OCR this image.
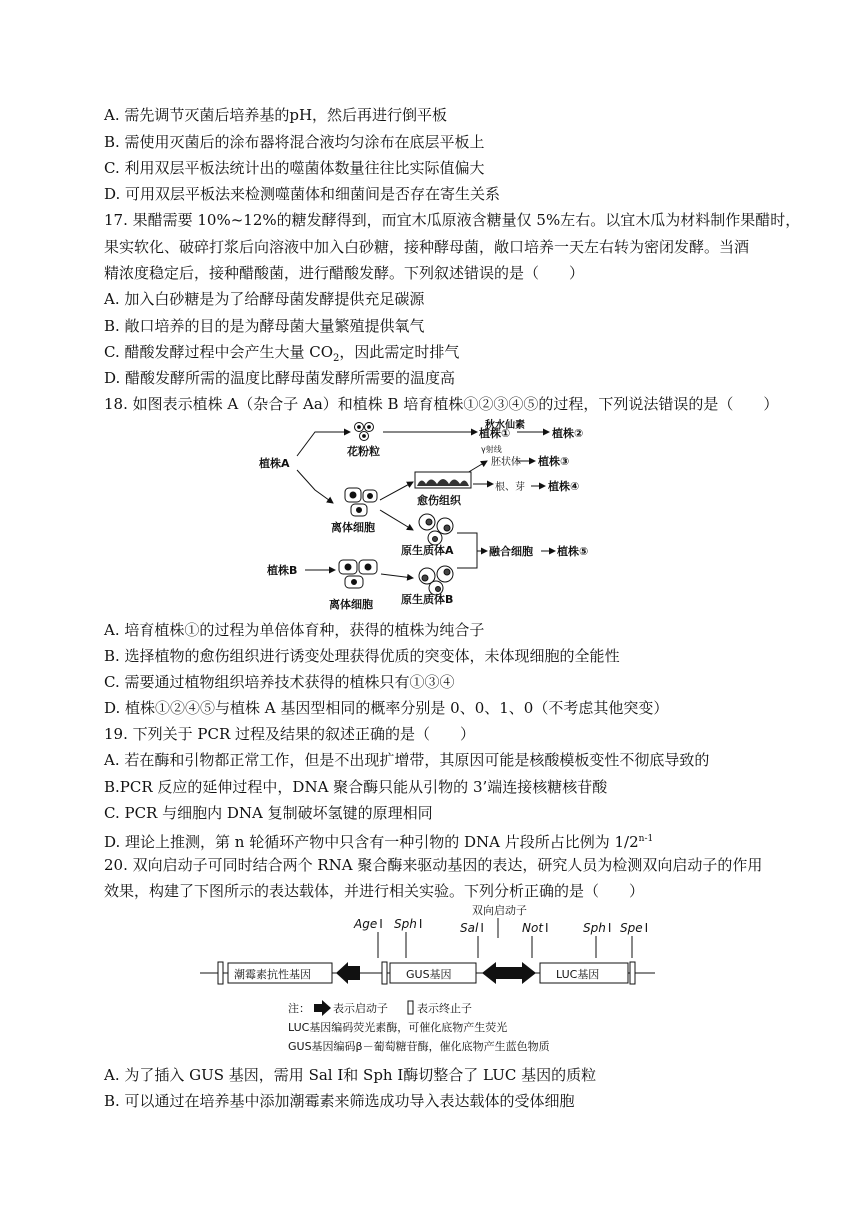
A. 需先调节灭菌后培养基的pH，然后再进行倒平板
B. 需使用灭菌后的涂布器将混合液均匀涂布在底层平板上
C. 利用双层平板法统计出的噬菌体数量往往比实际值偏大
D. 可用双层平板法来检测噬菌体和细菌间是否存在寄生关系
17. 果醋需要 10%~12%的糖发酵得到，而宜木瓜原液含糖量仅 5%左右。以宜木瓜为材料制作果醋时，
果实软化、破碎打浆后向溶液中加入白砂糖，接种酵母菌，敞口培养一天左右转为密闭发酵。当酒
精浓度稳定后，接种醋酸菌，进行醋酸发酵。下列叙述错误的是（　　）
A. 加入白砂糖是为了给酵母菌发酵提供充足碳源
B. 敞口培养的目的是为酵母菌大量繁殖提供氧气
C. 醋酸发酵过程中会产生大量 $CO_2$，因此需定时排气
D. 醋酸发酵所需的温度比酵母菌发酵所需要的温度高
18. 如图表示植株 A（杂合子 Aa）和植株 B 培育植株①②③④⑤的过程，下列说法错误的是（　　）
植株A
花粉粒
秋水仙素
植株①	植株②
γ射线
胚状体 植株③
愈伤组织
根、芽 植株④
离体细胞
原生质体A	融合细胞 植株⑤
植株B
离体细胞	原生质体B
A. 培育植株①的过程为单倍体育种，获得的植株为纯合子
B. 选择植物的愈伤组织进行诱变处理获得优质的突变体，未体现细胞的全能性
C. 需要通过植物组织培养技术获得的植株只有①③④
D. 植株①②④⑤与植株 A 基因型相同的概率分别是 0、0、1、0（不考虑其他突变）
19. 下列关于 PCR 过程及结果的叙述正确的是（　　）
A. 若在酶和引物都正常工作，但是不出现扩增带，其原因可能是核酸模板变性不彻底导致的
B.PCR 反应的延伸过程中，DNA 聚合酶只能从引物的 3’端连接核糖核苷酸
C. PCR 与细胞内 DNA 复制破坏氢键的原理相同
D. 理论上推测，第 n 轮循环产物中只含有一种引物的 DNA 片段所占比例为 1/2$^{n-1}$
20. 双向启动子可同时结合两个 RNA 聚合酶来驱动基因的表达，研究人员为检测双向启动子的作用
效果，构建了下图所示的表达载体，并进行相关实验。下列分析正确的是（　　）
双向启动子
Age Ⅰ Sph Ⅰ	Sal Ⅰ	Not Ⅰ	Sph Ⅰ Spe Ⅰ
潮霉素抗性基因	GUS基因	LUC基因
注： 表示启动子	表示终止子
LUC基因编码荧光素酶，可催化底物产生荧光
GUS基因编码β－葡萄糖苷酶，催化底物产生蓝色物质
A. 为了插入 GUS 基因，需用 Sal Ⅰ和 Sph Ⅰ酶切整合了 LUC 基因的质粒
B. 可以通过在培养基中添加潮霉素来筛选成功导入表达载体的受体细胞
